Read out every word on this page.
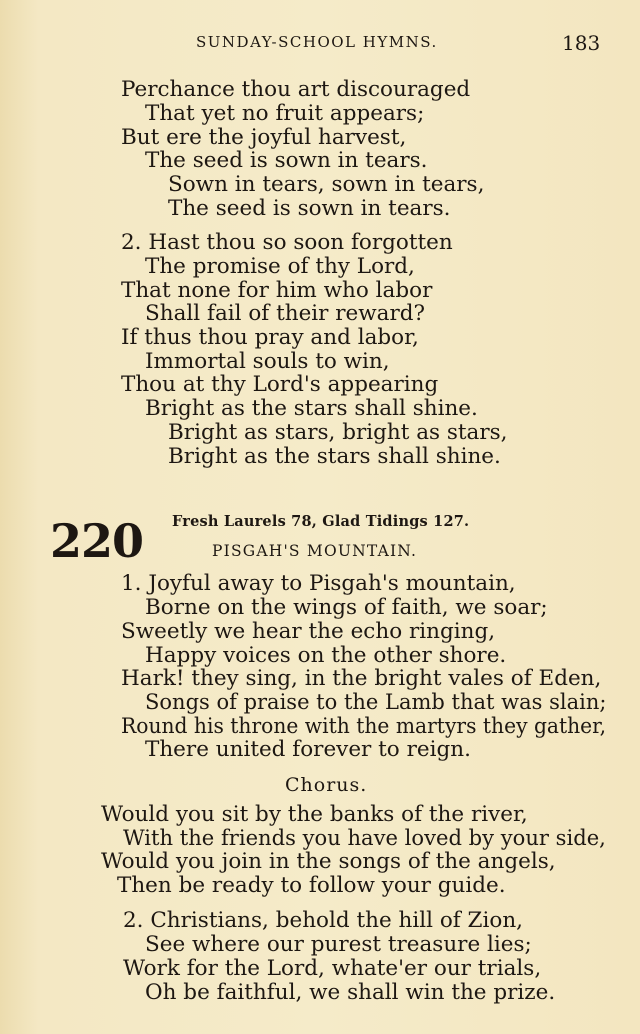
SUNDAY-SCHOOL HYMNS.	183
Perchance thou art discouraged
That yet no fruit appears;
But ere the joyful harvest,
The seed is sown in tears.
Sown in tears, sown in tears,
The seed is sown in tears.
2. Hast thou so soon forgotten
The promise of thy Lord,
That none for him who labor
Shall fail of their reward?
If thus thou pray and labor,
Immortal souls to win,
Thou at thy Lord's appearing
Bright as the stars shall shine.
Bright as stars, bright as stars,
Bright as the stars shall shine.
220 Fresh Laurels 78, Glad Tidings 127.
PISGAH'S MOUNTAIN.
1. Joyful away to Pisgah's mountain,
Borne on the wings of faith, we soar;
Sweetly we hear the echo ringing,
Happy voices on the other shore.
Hark! they sing, in the bright vales of Eden,
Songs of praise to the Lamb that was slain;
Round his throne with the martyrs they gather,
There united forever to reign.
Chorus.
Would you sit by the banks of the river,
With the friends you have loved by your side,
Would you join in the songs of the angels,
Then be ready to follow your guide.
2. Christians, behold the hill of Zion,
See where our purest treasure lies;
Work for the Lord, whate'er our trials,
Oh be faithful, we shall win the prize.
